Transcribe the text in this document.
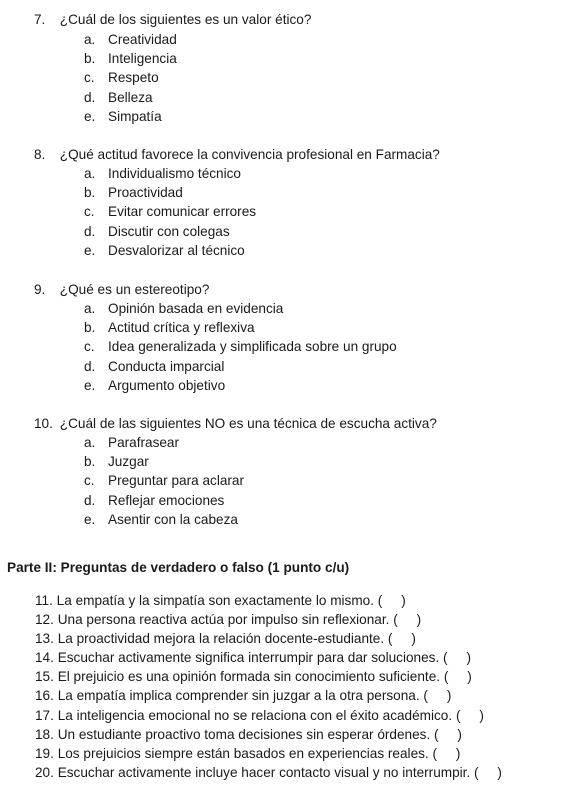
7. ¿Cuál de los siguientes es un valor ético?
a. Creatividad
b. Inteligencia
c. Respeto
d. Belleza
e. Simpatía
8. ¿Qué actitud favorece la convivencia profesional en Farmacia?
a. Individualismo técnico
b. Proactividad
c. Evitar comunicar errores
d. Discutir con colegas
e. Desvalorizar al técnico
9. ¿Qué es un estereotipo?
a. Opinión basada en evidencia
b. Actitud crítica y reflexiva
c. Idea generalizada y simplificada sobre un grupo
d. Conducta imparcial
e. Argumento objetivo
10. ¿Cuál de las siguientes NO es una técnica de escucha activa?
a. Parafrasear
b. Juzgar
c. Preguntar para aclarar
d. Reflejar emociones
e. Asentir con la cabeza
Parte II: Preguntas de verdadero o falso (1 punto c/u)
11. La empatía y la simpatía son exactamente lo mismo. (     )
12. Una persona reactiva actúa por impulso sin reflexionar. (     )
13. La proactividad mejora la relación docente-estudiante. (     )
14. Escuchar activamente significa interrumpir para dar soluciones. (     )
15. El prejuicio es una opinión formada sin conocimiento suficiente. (     )
16. La empatía implica comprender sin juzgar a la otra persona. (     )
17. La inteligencia emocional no se relaciona con el éxito académico. (     )
18. Un estudiante proactivo toma decisiones sin esperar órdenes. (     )
19. Los prejuicios siempre están basados en experiencias reales. (     )
20. Escuchar activamente incluye hacer contacto visual y no interrumpir. (     )
